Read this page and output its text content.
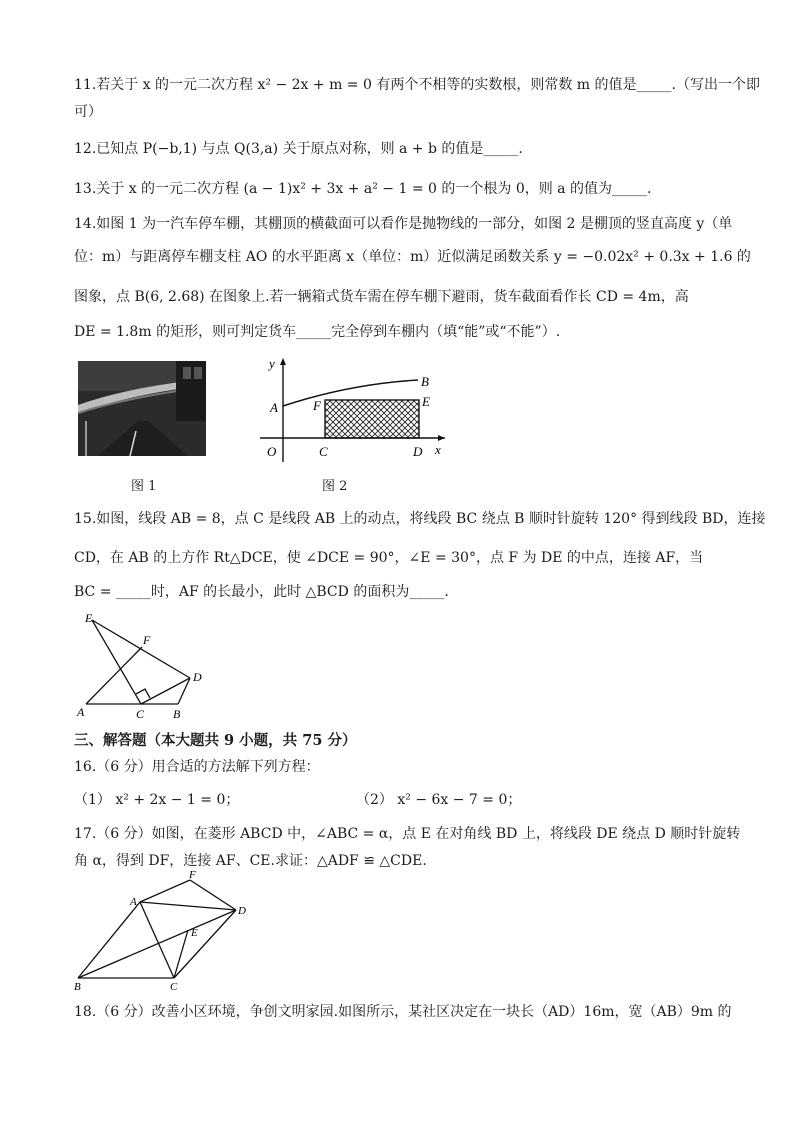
11.若关于 x 的一元二次方程 x² − 2x + m = 0 有两个不相等的实数根，则常数 m 的值是_____.（写出一个即
可）
12.已知点 P(−b,1) 与点 Q(3,a) 关于原点对称，则 a + b 的值是_____.
13.关于 x 的一元二次方程 (a − 1)x² + 3x + a² − 1 = 0 的一个根为 0，则 a 的值为_____.
14.如图 1 为一汽车停车棚，其棚顶的横截面可以看作是抛物线的一部分，如图 2 是棚顶的竖直高度 y（单
位：m）与距离停车棚支柱 AO 的水平距离 x（单位：m）近似满足函数关系 y = −0.02x² + 0.3x + 1.6 的
图象，点 B(6, 2.68) 在图象上.若一辆箱式货车需在停车棚下避雨，货车截面看作长 CD = 4m，高
DE = 1.8m 的矩形，则可判定货车_____完全停到车棚内（填“能”或“不能”）.
图 1
y
x
A
B
F	E
O	C	D
图 2
15.如图，线段 AB = 8，点 C 是线段 AB 上的动点，将线段 BC 绕点 B 顺时针旋转 120° 得到线段 BD，连接
CD，在 AB 的上方作 Rt△DCE，使 ∠DCE = 90°，∠E = 30°，点 F 为 DE 的中点，连接 AF，当
BC = _____时，AF 的长最小，此时 △BCD 的面积为_____.
E
F
D
A	C B
三、解答题（本大题共 9 小题，共 75 分）
16.（6 分）用合适的方法解下列方程：
（1） x² + 2x − 1 = 0；	（2） x² − 6x − 7 = 0；
17.（6 分）如图，在菱形 ABCD 中，∠ABC = α，点 E 在对角线 BD 上，将线段 DE 绕点 D 顺时针旋转
角 α，得到 DF，连接 AF、CE.求证：△ADF ≌ △CDE.
F
A
D
E
B	C
18.（6 分）改善小区环境，争创文明家园.如图所示，某社区决定在一块长（AD）16m，宽（AB）9m 的
